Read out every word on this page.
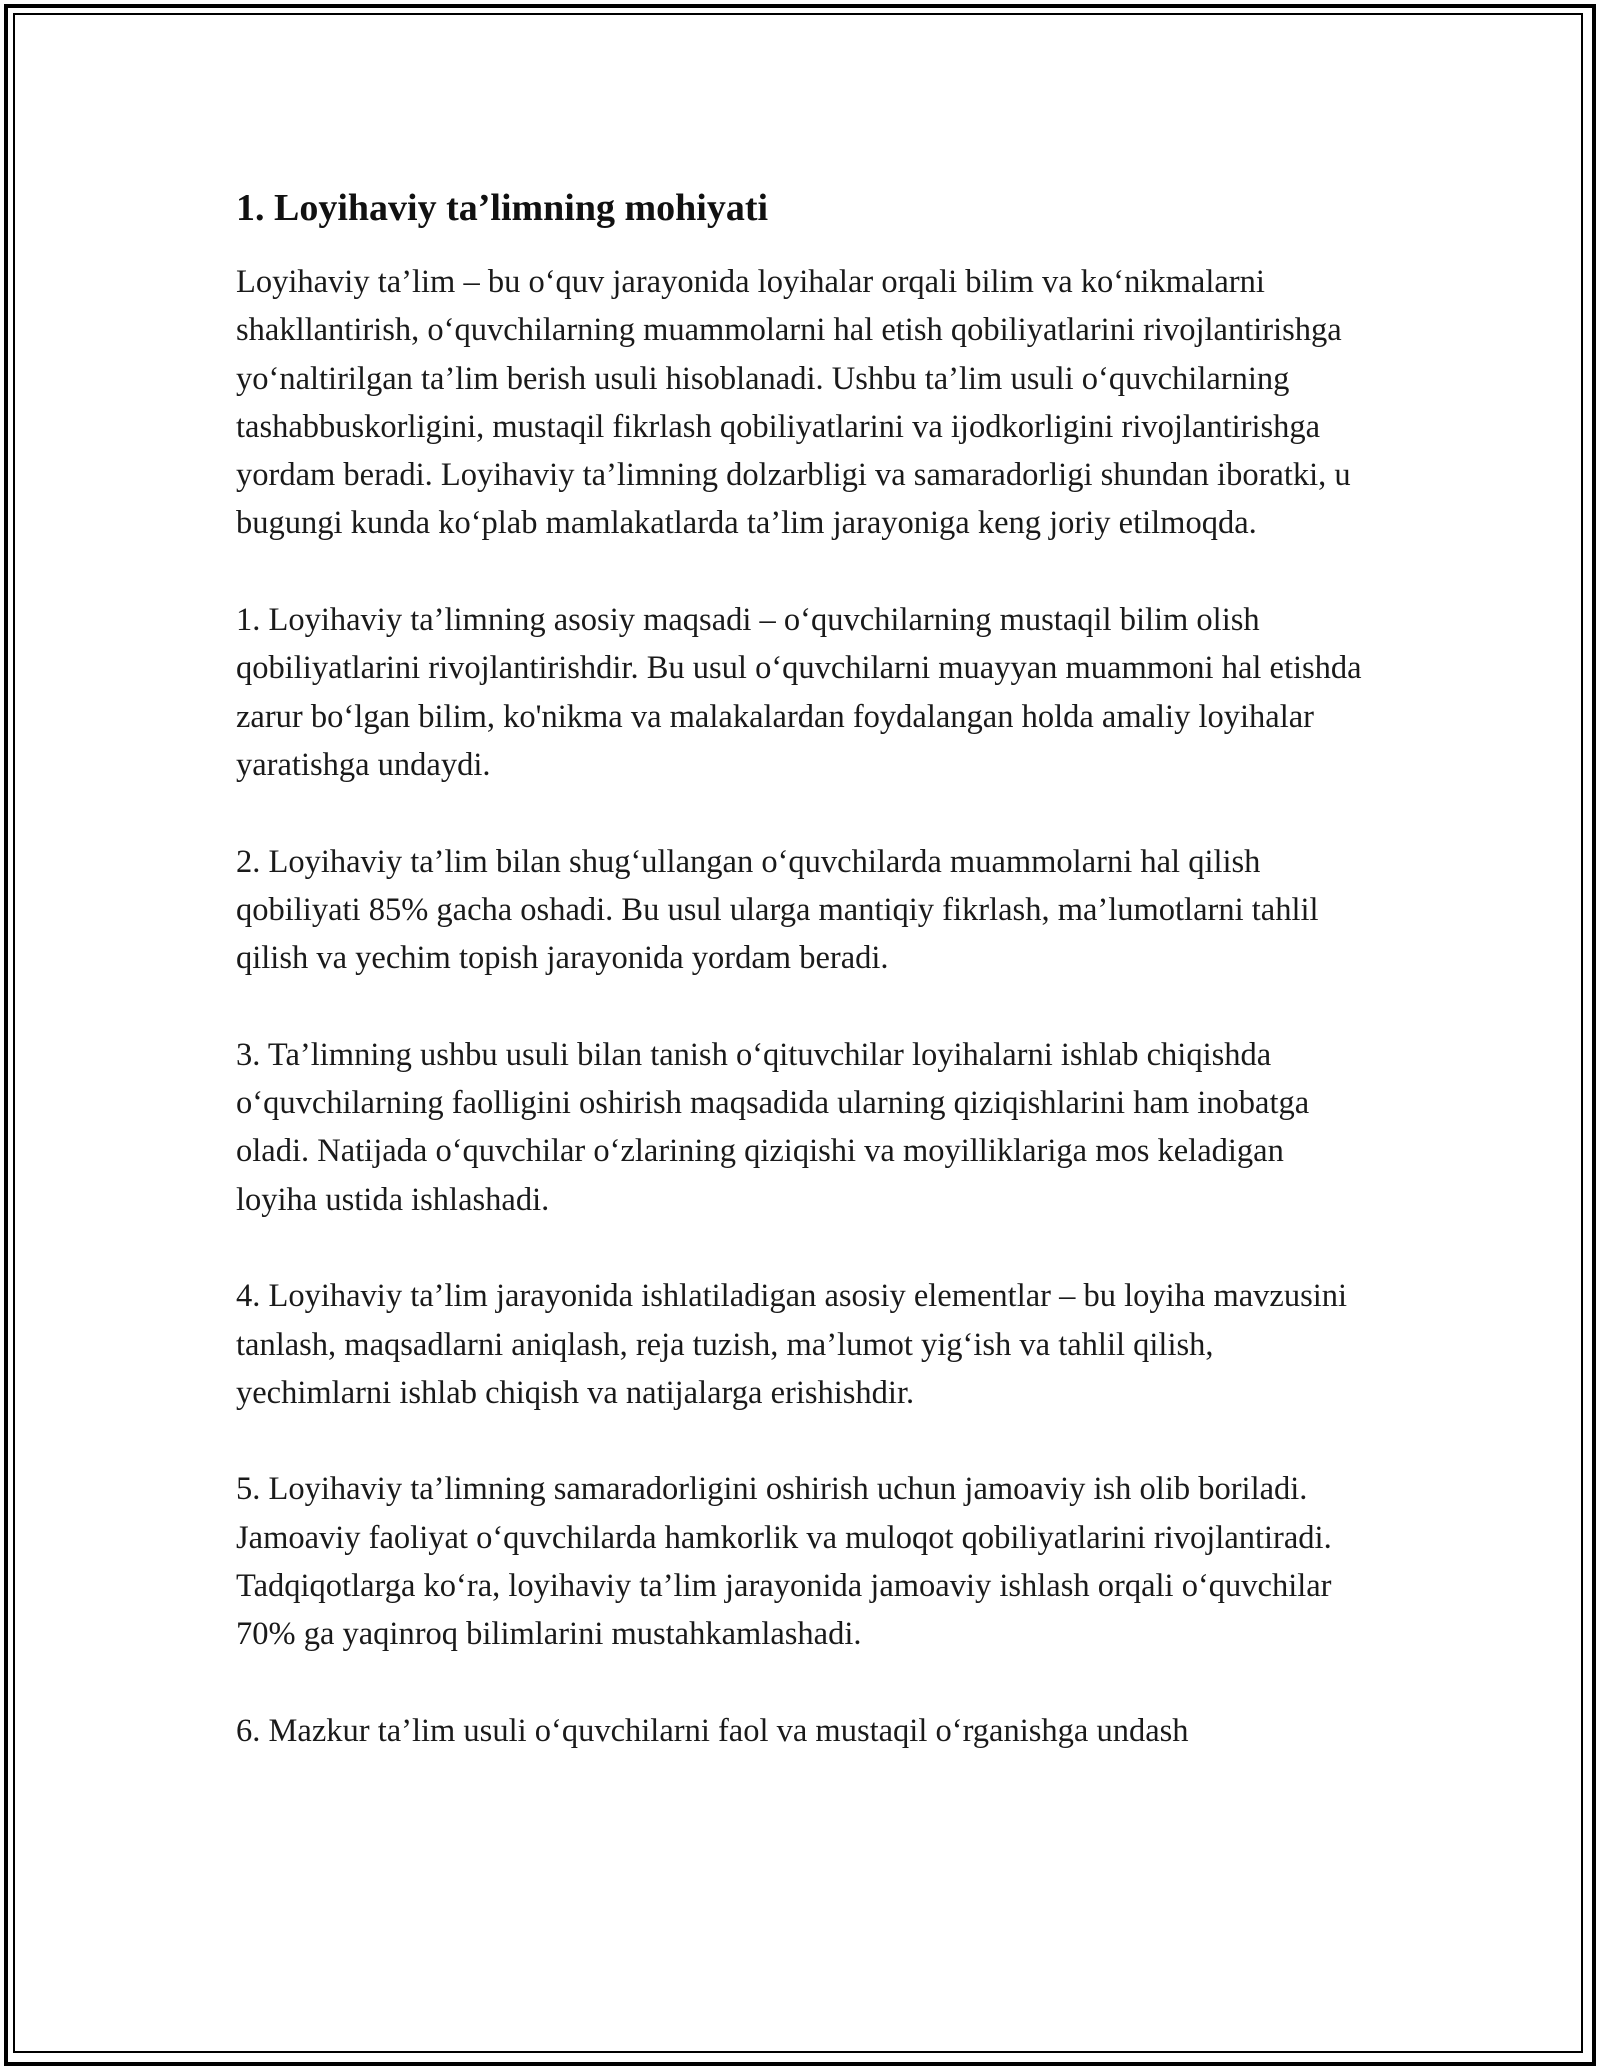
1. Loyihaviy ta’limning mohiyati

Loyihaviy ta’lim – bu o‘quv jarayonida loyihalar orqali bilim va ko‘nikmalarni shakllantirish, o‘quvchilarning muammolarni hal etish qobiliyatlarini rivojlantirishga yo‘naltirilgan ta’lim berish usuli hisoblanadi. Ushbu ta’lim usuli o‘quvchilarning tashabbuskorligini, mustaqil fikrlash qobiliyatlarini va ijodkorligini rivojlantirishga yordam beradi. Loyihaviy ta’limning dolzarbligi va samaradorligi shundan iboratki, u bugungi kunda ko‘plab mamlakatlarda ta’lim jarayoniga keng joriy etilmoqda.

1. Loyihaviy ta’limning asosiy maqsadi – o‘quvchilarning mustaqil bilim olish qobiliyatlarini rivojlantirishdir. Bu usul o‘quvchilarni muayyan muammoni hal etishda zarur bo‘lgan bilim, ko'nikma va malakalardan foydalangan holda amaliy loyihalar yaratishga undaydi.

2. Loyihaviy ta’lim bilan shug‘ullangan o‘quvchilarda muammolarni hal qilish qobiliyati 85% gacha oshadi. Bu usul ularga mantiqiy fikrlash, ma’lumotlarni tahlil qilish va yechim topish jarayonida yordam beradi.

3. Ta’limning ushbu usuli bilan tanish o‘qituvchilar loyihalarni ishlab chiqishda o‘quvchilarning faolligini oshirish maqsadida ularning qiziqishlarini ham inobatga oladi. Natijada o‘quvchilar o‘zlarining qiziqishi va moyilliklariga mos keladigan loyiha ustida ishlashadi.

4. Loyihaviy ta’lim jarayonida ishlatiladigan asosiy elementlar – bu loyiha mavzusini tanlash, maqsadlarni aniqlash, reja tuzish, ma’lumot yig‘ish va tahlil qilish, yechimlarni ishlab chiqish va natijalarga erishishdir.

5. Loyihaviy ta’limning samaradorligini oshirish uchun jamoaviy ish olib boriladi. Jamoaviy faoliyat o‘quvchilarda hamkorlik va muloqot qobiliyatlarini rivojlantiradi. Tadqiqotlarga ko‘ra, loyihaviy ta’lim jarayonida jamoaviy ishlash orqali o‘quvchilar 70% ga yaqinroq bilimlarini mustahkamlashadi.

6. Mazkur ta’lim usuli o‘quvchilarni faol va mustaqil o‘rganishga undash
